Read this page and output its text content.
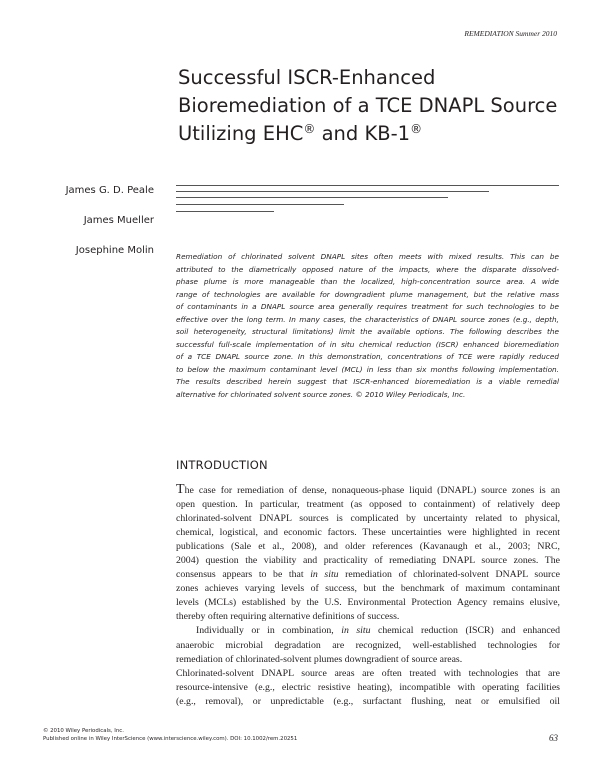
REMEDIATION Summer 2010
Successful ISCR-Enhanced
Bioremediation of a TCE DNAPL Source
Utilizing EHC® and KB-1®
James G. D. Peale
James Mueller
Josephine Molin
Remediation of chlorinated solvent DNAPL sites often meets with mixed results. This can be
attributed to the diametrically opposed nature of the impacts, where the disparate dissolved-
phase plume is more manageable than the localized, high-concentration source area. A wide
range of technologies are available for downgradient plume management, but the relative mass
of contaminants in a DNAPL source area generally requires treatment for such technologies to be
effective over the long term. In many cases, the characteristics of DNAPL source zones (e.g., depth,
soil heterogeneity, structural limitations) limit the available options. The following describes the
successful full-scale implementation of in situ chemical reduction (ISCR) enhanced bioremediation
of a TCE DNAPL source zone. In this demonstration, concentrations of TCE were rapidly reduced
to below the maximum contaminant level (MCL) in less than six months following implementation.
The results described herein suggest that ISCR-enhanced bioremediation is a viable remedial
alternative for chlorinated solvent source zones. © 2010 Wiley Periodicals, Inc.
INTRODUCTION
The case for remediation of dense, nonaqueous-phase liquid (DNAPL) source zones is an
open question. In particular, treatment (as opposed to containment) of relatively deep
chlorinated-solvent DNAPL sources is complicated by uncertainty related to physical,
chemical, logistical, and economic factors. These uncertainties were highlighted in recent
publications (Sale et al., 2008), and older references (Kavanaugh et al., 2003; NRC,
2004) question the viability and practicality of remediating DNAPL source zones. The
consensus appears to be that in situ remediation of chlorinated-solvent DNAPL source
zones achieves varying levels of success, but the benchmark of maximum contaminant
levels (MCLs) established by the U.S. Environmental Protection Agency remains elusive,
thereby often requiring alternative definitions of success.
Individually or in combination, in situ chemical reduction (ISCR) and enhanced
anaerobic microbial degradation are recognized, well-established technologies for
remediation of chlorinated-solvent plumes downgradient of source areas.
Chlorinated-solvent DNAPL source areas are often treated with technologies that are
resource-intensive (e.g., electric resistive heating), incompatible with operating facilities
(e.g., removal), or unpredictable (e.g., surfactant flushing, neat or emulsified oil
© 2010 Wiley Periodicals, Inc.
Published online in Wiley InterScience (www.interscience.wiley.com). DOI: 10.1002/rem.20251	63
